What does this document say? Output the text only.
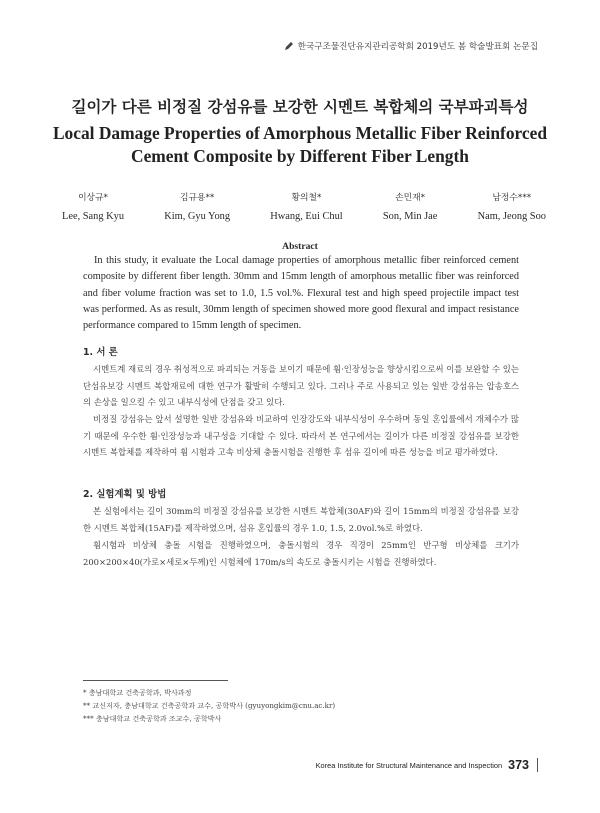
한국구조물진단유지관리공학회 2019년도 봄 학술발표회 논문집
길이가 다른 비정질 강섬유를 보강한 시멘트 복합체의 국부파괴특성
Local Damage Properties of Amorphous Metallic Fiber Reinforced
Cement Composite by Different Fiber Length
이상규*
Lee, Sang Kyu
김규용**
Kim, Gyu Yong
황의철*
Hwang, Eui Chul
손민재*
Son, Min Jae
남정수***
Nam, Jeong Soo
Abstract

In this study, it evaluate the Local damage properties of amorphous metallic fiber reinforced cement composite by different fiber length. 30mm and 15mm length of amorphous metallic fiber was reinforced and fiber volume fraction was set to 1.0, 1.5 vol.%. Flexural test and high speed projectile impact test was performed. As as result, 30mm length of specimen showed more good flexural and impact resistance performance compared to 15mm length of specimen.

1. 서 론

시멘트계 재료의 경우 취성적으로 파괴되는 거동을 보이기 때문에 휨·인장성능을 향상시킴으로써 이를 보완할 수 있는 단섬유보강 시멘트 복합재료에 대한 연구가 활발히 수행되고 있다. 그러나 주로 사용되고 있는 일반 강섬유는 압송호스의 손상을 일으킬 수 있고 내부식성에 단점을 갖고 있다.

비정질 강섬유는 앞서 설명한 일반 강섬유와 비교하여 인장강도와 내부식성이 우수하며 동일 혼입률에서 개체수가 많기 때문에 우수한 휨·인장성능과 내구성을 기대할 수 있다. 따라서 본 연구에서는 길이가 다른 비정질 강섬유를 보강한 시멘트 복합체를 제작하여 휨 시험과 고속 비상체 충돌시험을 진행한 후 섬유 길이에 따른 성능을 비교 평가하였다.

2. 실험계획 및 방법

본 실험에서는 길이 30mm의 비정질 강섬유를 보강한 시멘트 복합체(30AF)와 길이 15mm의 비정질 강섬유를 보강한 시멘트 복합체(15AF)를 제작하였으며, 섬유 혼입률의 경우 1.0, 1.5, 2.0vol.%로 하였다.

휨시험과 비상체 충돌 시험을 진행하였으며, 충돌시험의 경우 직경이 25mm인 반구형 비상체를 크기가 200×200×40(가로×세로×두께)인 시험체에 170m/s의 속도로 충돌시키는 시험을 진행하였다.

* 충남대학교 건축공학과, 박사과정
** 교신저자, 충남대학교 건축공학과 교수, 공학박사 (gyuyongkim@cnu.ac.kr)
*** 충남대학교 건축공학과 조교수, 공학박사
Korea Institute for Structural Maintenance and Inspection 373
